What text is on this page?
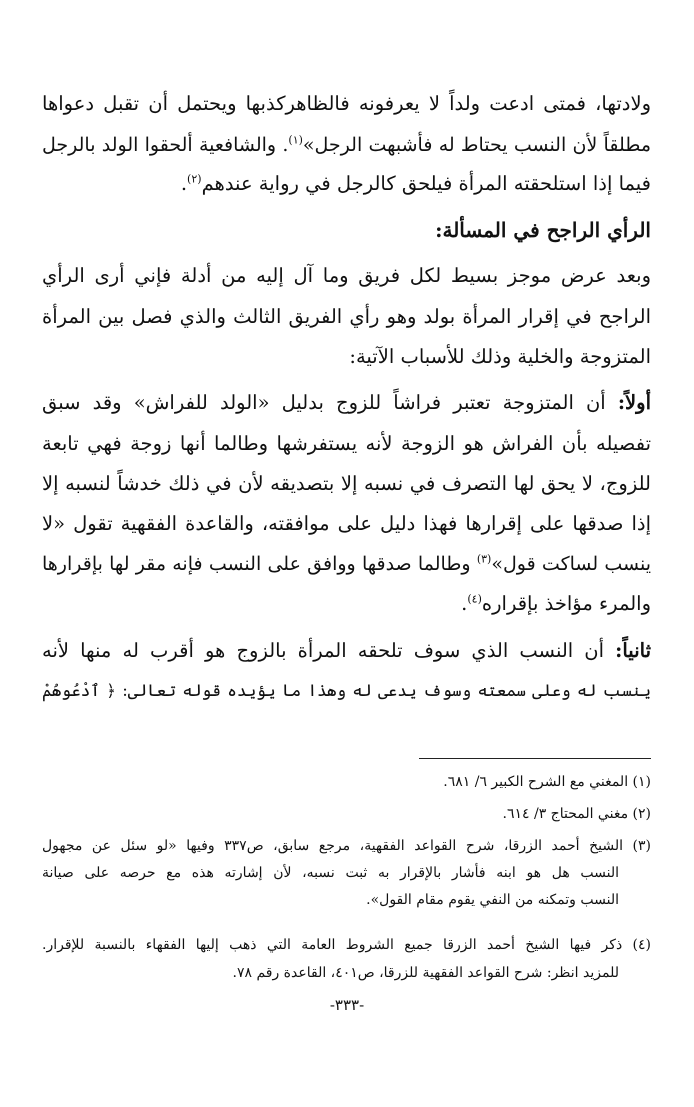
ولادتها، فمتى ادعت ولداً لا يعرفونه فالظاهركذبها ويحتمل أن تقبل دعواها
مطلقاً لأن النسب يحتاط له فأشبهت الرجل»$^{(١)}$. والشافعية ألحقوا الولد بالرجل
فيما إذا استلحقته المرأة فيلحق كالرجل في رواية عندهم$^{(٢)}$.
الرأي الراجح في المسألة:
وبعد عرض موجز بسيط لكل فريق وما آل إليه من أدلة فإني أرى الرأي
الراجح في إقرار المرأة بولد وهو رأي الفريق الثالث والذي فصل بين المرأة
المتزوجة والخلية وذلك للأسباب الآتية:
أولاً: أن المتزوجة تعتبر فراشاً للزوج بدليل «الولد للفراش» وقد سبق
تفصيله بأن الفراش هو الزوجة لأنه يستفرشها وطالما أنها زوجة فهي تابعة
للزوج، لا يحق لها التصرف في نسبه إلا بتصديقه لأن في ذلك خدشاً لنسبه إلا
إذا صدقها على إقرارها فهذا دليل على موافقته، والقاعدة الفقهية تقول «لا
ينسب لساكت قول»$^{(٣)}$ وطالما صدقها ووافق على النسب فإنه مقر لها بإقرارها
والمرء مؤاخذ بإقراره$^{(٤)}$.
ثانياً: أن النسب الذي سوف تلحقه المرأة بالزوج هو أقرب له منها لأنه
ينسب له وعلى سمعته وسوف يدعى له وهذا ما يؤيده قوله تعالى: ﴿ ٱدْعُوهُمْ
(١) المغني مع الشرح الكبير ٦/ ٦٨١.
(٢) مغني المحتاج ٣/ ٦١٤.
(٣) الشيخ أحمد الزرقا، شرح القواعد الفقهية، مرجع سابق، ص٣٣٧ وفيها «لو سئل عن مجهول
النسب هل هو ابنه فأشار بالإقرار به ثبت نسبه، لأن إشارته هذه مع حرصه على صيانة
النسب وتمكنه من النفي يقوم مقام القول».
(٤) ذكر فيها الشيخ أحمد الزرقا جميع الشروط العامة التي ذهب إليها الفقهاء بالنسبة للإقرار.
للمزيد انظر: شرح القواعد الفقهية للزرقا، ص٤٠١، القاعدة رقم ٧٨.
-٣٣٣-
